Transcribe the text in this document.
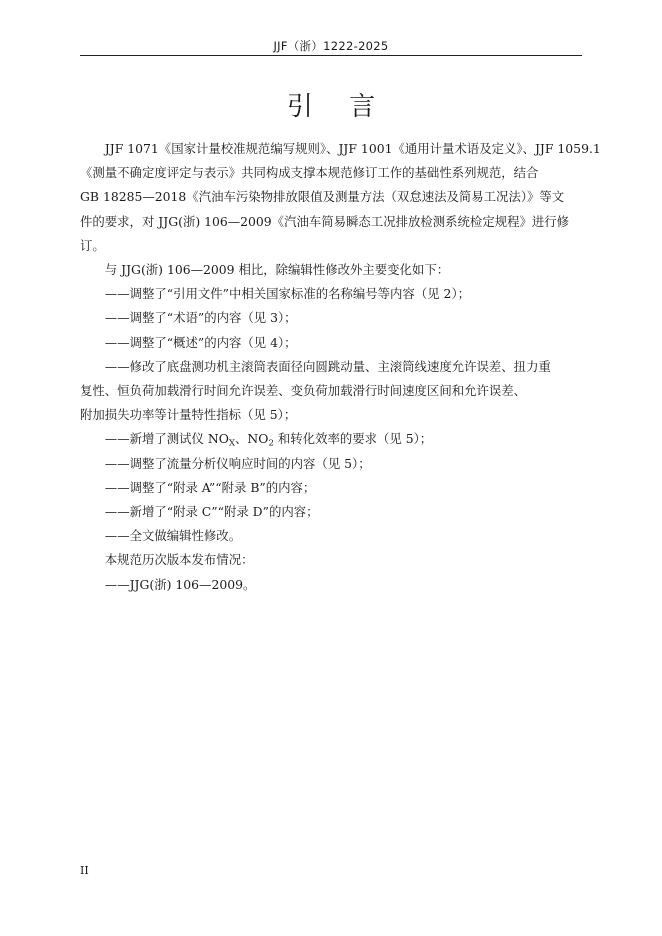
JJF（浙）1222-2025
引 言
JJF 1071《国家计量校准规范编写规则》、JJF 1001《通用计量术语及定义》、JJF 1059.1
《测量不确定度评定与表示》共同构成支撑本规范修订工作的基础性系列规范，结合
GB 18285—2018《汽油车污染物排放限值及测量方法（双怠速法及简易工况法）》等文
件的要求，对 JJG(浙) 106—2009《汽油车简易瞬态工况排放检测系统检定规程》进行修
订。
与 JJG(浙) 106—2009 相比，除编辑性修改外主要变化如下：
——调整了“引用文件”中相关国家标准的名称编号等内容（见 2）；
——调整了“术语”的内容（见 3）；
——调整了“概述”的内容（见 4）；
——修改了底盘测功机主滚筒表面径向圆跳动量、主滚筒线速度允许误差、扭力重
复性、恒负荷加载滑行时间允许误差、变负荷加载滑行时间速度区间和允许误差、
附加损失功率等计量特性指标（见 5）；
——新增了测试仪 $NO_X$、$NO_2$ 和转化效率的要求（见 5）；
——调整了流量分析仪响应时间的内容（见 5）；
——调整了“附录 A”“附录 B”的内容；
——新增了“附录 C”“附录 D”的内容；
——全文做编辑性修改。
本规范历次版本发布情况：
——JJG(浙) 106—2009。
II
